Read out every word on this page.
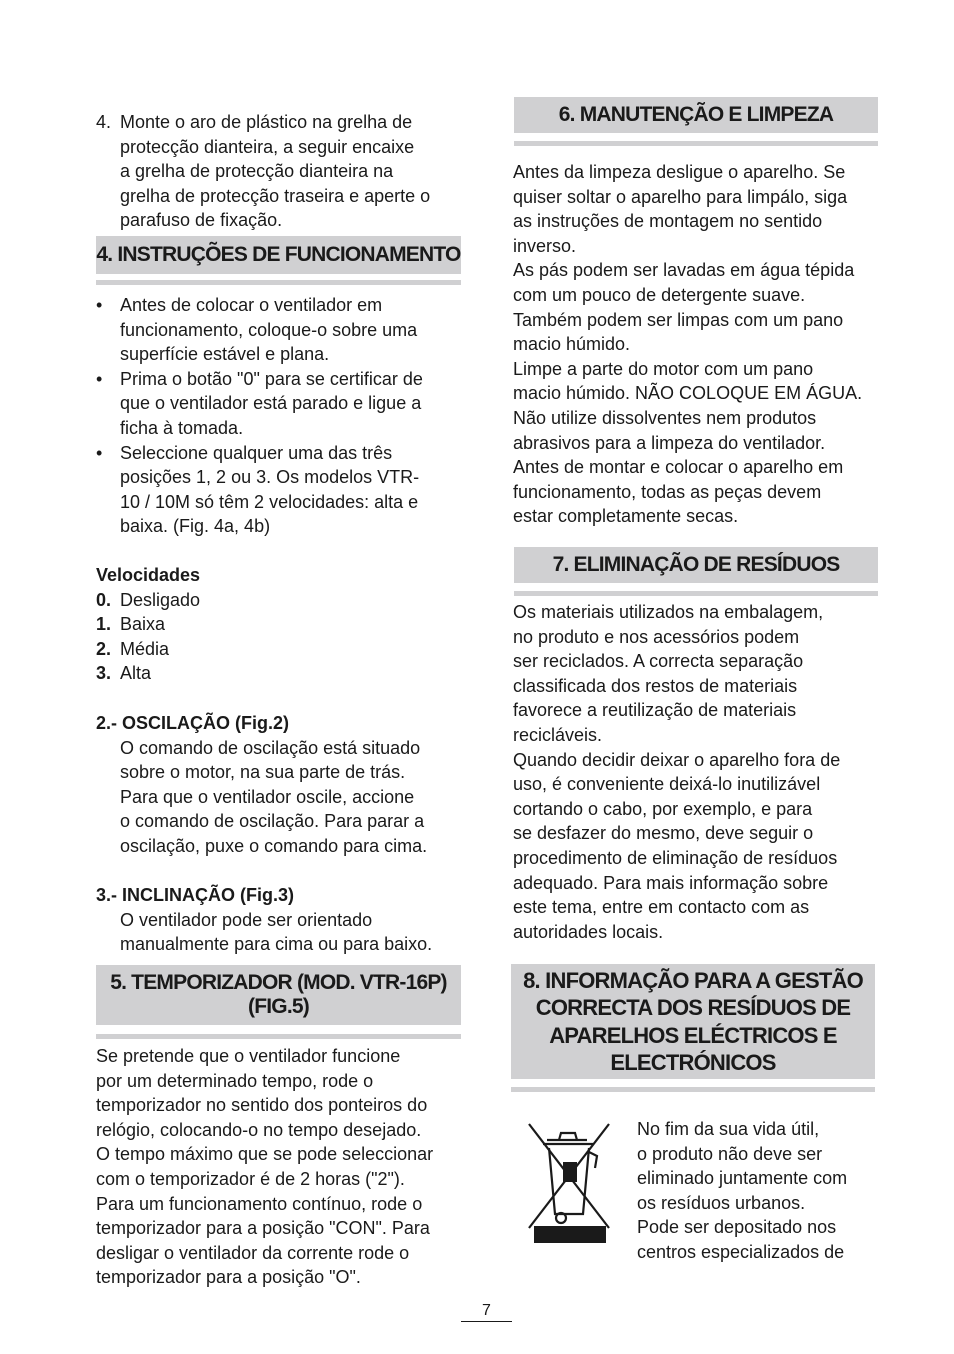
4. Monte o aro de plástico na grelha de
protecção dianteira, a seguir encaixe
a grelha de protecção dianteira na
grelha de protecção traseira e aperte o
parafuso de fixação.
4. INSTRUÇÕES DE FUNCIONAMENTO
• Antes de colocar o ventilador em
funcionamento, coloque-o sobre uma
superfície estável e plana.
• Prima o botão "0" para se certificar de
que o ventilador está parado e ligue a
ficha à tomada.
• Seleccione qualquer uma das três
posições 1, 2 ou 3. Os modelos VTR-
10 / 10M só têm 2 velocidades: alta e
baixa. (Fig. 4a, 4b)
Velocidades
0. Desligado
1. Baixa
2. Média
3. Alta
2.- OSCILAÇÃO (Fig.2)
O comando de oscilação está situado
sobre o motor, na sua parte de trás.
Para que o ventilador oscile, accione
o comando de oscilação. Para parar a
oscilação, puxe o comando para cima.
3.- INCLINAÇÃO (Fig.3)
O ventilador pode ser orientado
manualmente para cima ou para baixo.
5. TEMPORIZADOR (MOD. VTR-16P)
(FIG.5)
Se pretende que o ventilador funcione
por um determinado tempo, rode o
temporizador no sentido dos ponteiros do
relógio, colocando-o no tempo desejado.
O tempo máximo que se pode seleccionar
com o temporizador é de 2 horas ("2").
Para um funcionamento contínuo, rode o
temporizador para a posição "CON". Para
desligar o ventilador da corrente rode o
temporizador para a posição "O".
6. MANUTENÇÃO E LIMPEZA
Antes da limpeza desligue o aparelho. Se
quiser soltar o aparelho para limpálo, siga
as instruções de montagem no sentido
inverso.
As pás podem ser lavadas em água tépida
com um pouco de detergente suave.
Também podem ser limpas com um pano
macio húmido.
Limpe a parte do motor com um pano
macio húmido. NÃO COLOQUE EM ÁGUA.
Não utilize dissolventes nem produtos
abrasivos para a limpeza do ventilador.
Antes de montar e colocar o aparelho em
funcionamento, todas as peças devem
estar completamente secas.
7. ELIMINAÇÃO DE RESÍDUOS
Os materiais utilizados na embalagem,
no produto e nos acessórios podem
ser reciclados. A correcta separação
classificada dos restos de materiais
favorece a reutilização de materiais
recicláveis.
Quando decidir deixar o aparelho fora de
uso, é conveniente deixá-lo inutilizável
cortando o cabo, por exemplo, e para
se desfazer do mesmo, deve seguir o
procedimento de eliminação de resíduos
adequado. Para mais informação sobre
este tema, entre em contacto com as
autoridades locais.
8. INFORMAÇÃO PARA A GESTÃO
CORRECTA DOS RESÍDUOS DE
APARELHOS ELÉCTRICOS E
ELECTRÓNICOS
No fim da sua vida útil,
o produto não deve ser
eliminado juntamente com
os resíduos urbanos.
Pode ser depositado nos
centros especializados de
7
